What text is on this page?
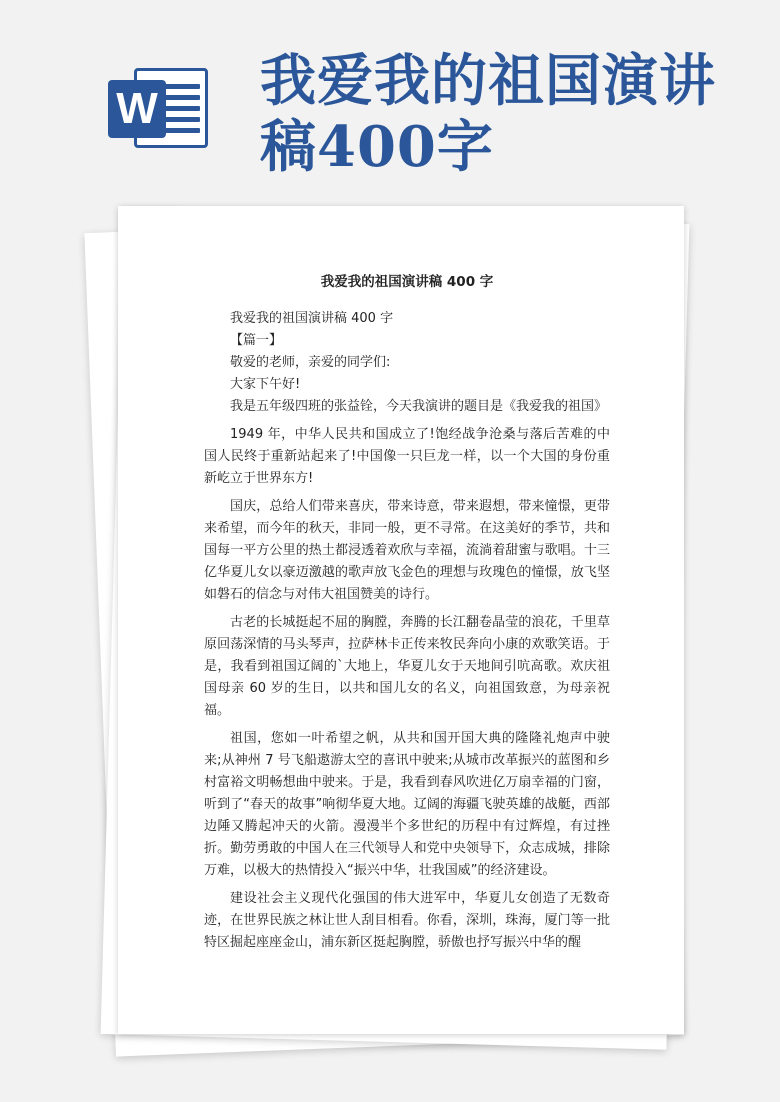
W 我爱我的祖国演讲稿400字

我爱我的祖国演讲稿 400 字

我爱我的祖国演讲稿 400 字

【篇一】

敬爱的老师，亲爱的同学们:

大家下午好!

我是五年级四班的张益铨，今天我演讲的题目是《我爱我的祖国》

1949 年，中华人民共和国成立了!饱经战争沧桑与落后苦难的中国人民终于重新站起来了!中国像一只巨龙一样，以一个大国的身份重新屹立于世界东方!

国庆，总给人们带来喜庆，带来诗意，带来遐想，带来憧憬，更带来希望，而今年的秋天，非同一般，更不寻常。在这美好的季节，共和国每一平方公里的热土都浸透着欢欣与幸福，流淌着甜蜜与歌唱。十三亿华夏儿女以豪迈激越的歌声放飞金色的理想与玫瑰色的憧憬，放飞坚如磐石的信念与对伟大祖国赞美的诗行。

古老的长城挺起不屈的胸膛，奔腾的长江翻卷晶莹的浪花，千里草原回荡深情的马头琴声，拉萨林卡正传来牧民奔向小康的欢歌笑语。于是，我看到祖国辽阔的`大地上，华夏儿女于天地间引吭高歌。欢庆祖国母亲 60 岁的生日，以共和国儿女的名义，向祖国致意，为母亲祝福。

祖国，您如一叶希望之帆，从共和国开国大典的隆隆礼炮声中驶来;从神州 7 号飞船遨游太空的喜讯中驶来;从城市改革振兴的蓝图和乡村富裕文明畅想曲中驶来。于是，我看到春风吹进亿万扇幸福的门窗，听到了“春天的故事”响彻华夏大地。辽阔的海疆飞驶英雄的战艇，西部边陲又腾起冲天的火箭。漫漫半个多世纪的历程中有过辉煌，有过挫折。勤劳勇敢的中国人在三代领导人和党中央领导下，众志成城，排除万难，以极大的热情投入“振兴中华，壮我国威”的经济建设。

建设社会主义现代化强国的伟大进军中，华夏儿女创造了无数奇迹，在世界民族之林让世人刮目相看。你看，深圳，珠海，厦门等一批特区掘起座座金山，浦东新区挺起胸膛，骄傲也抒写振兴中华的醒
